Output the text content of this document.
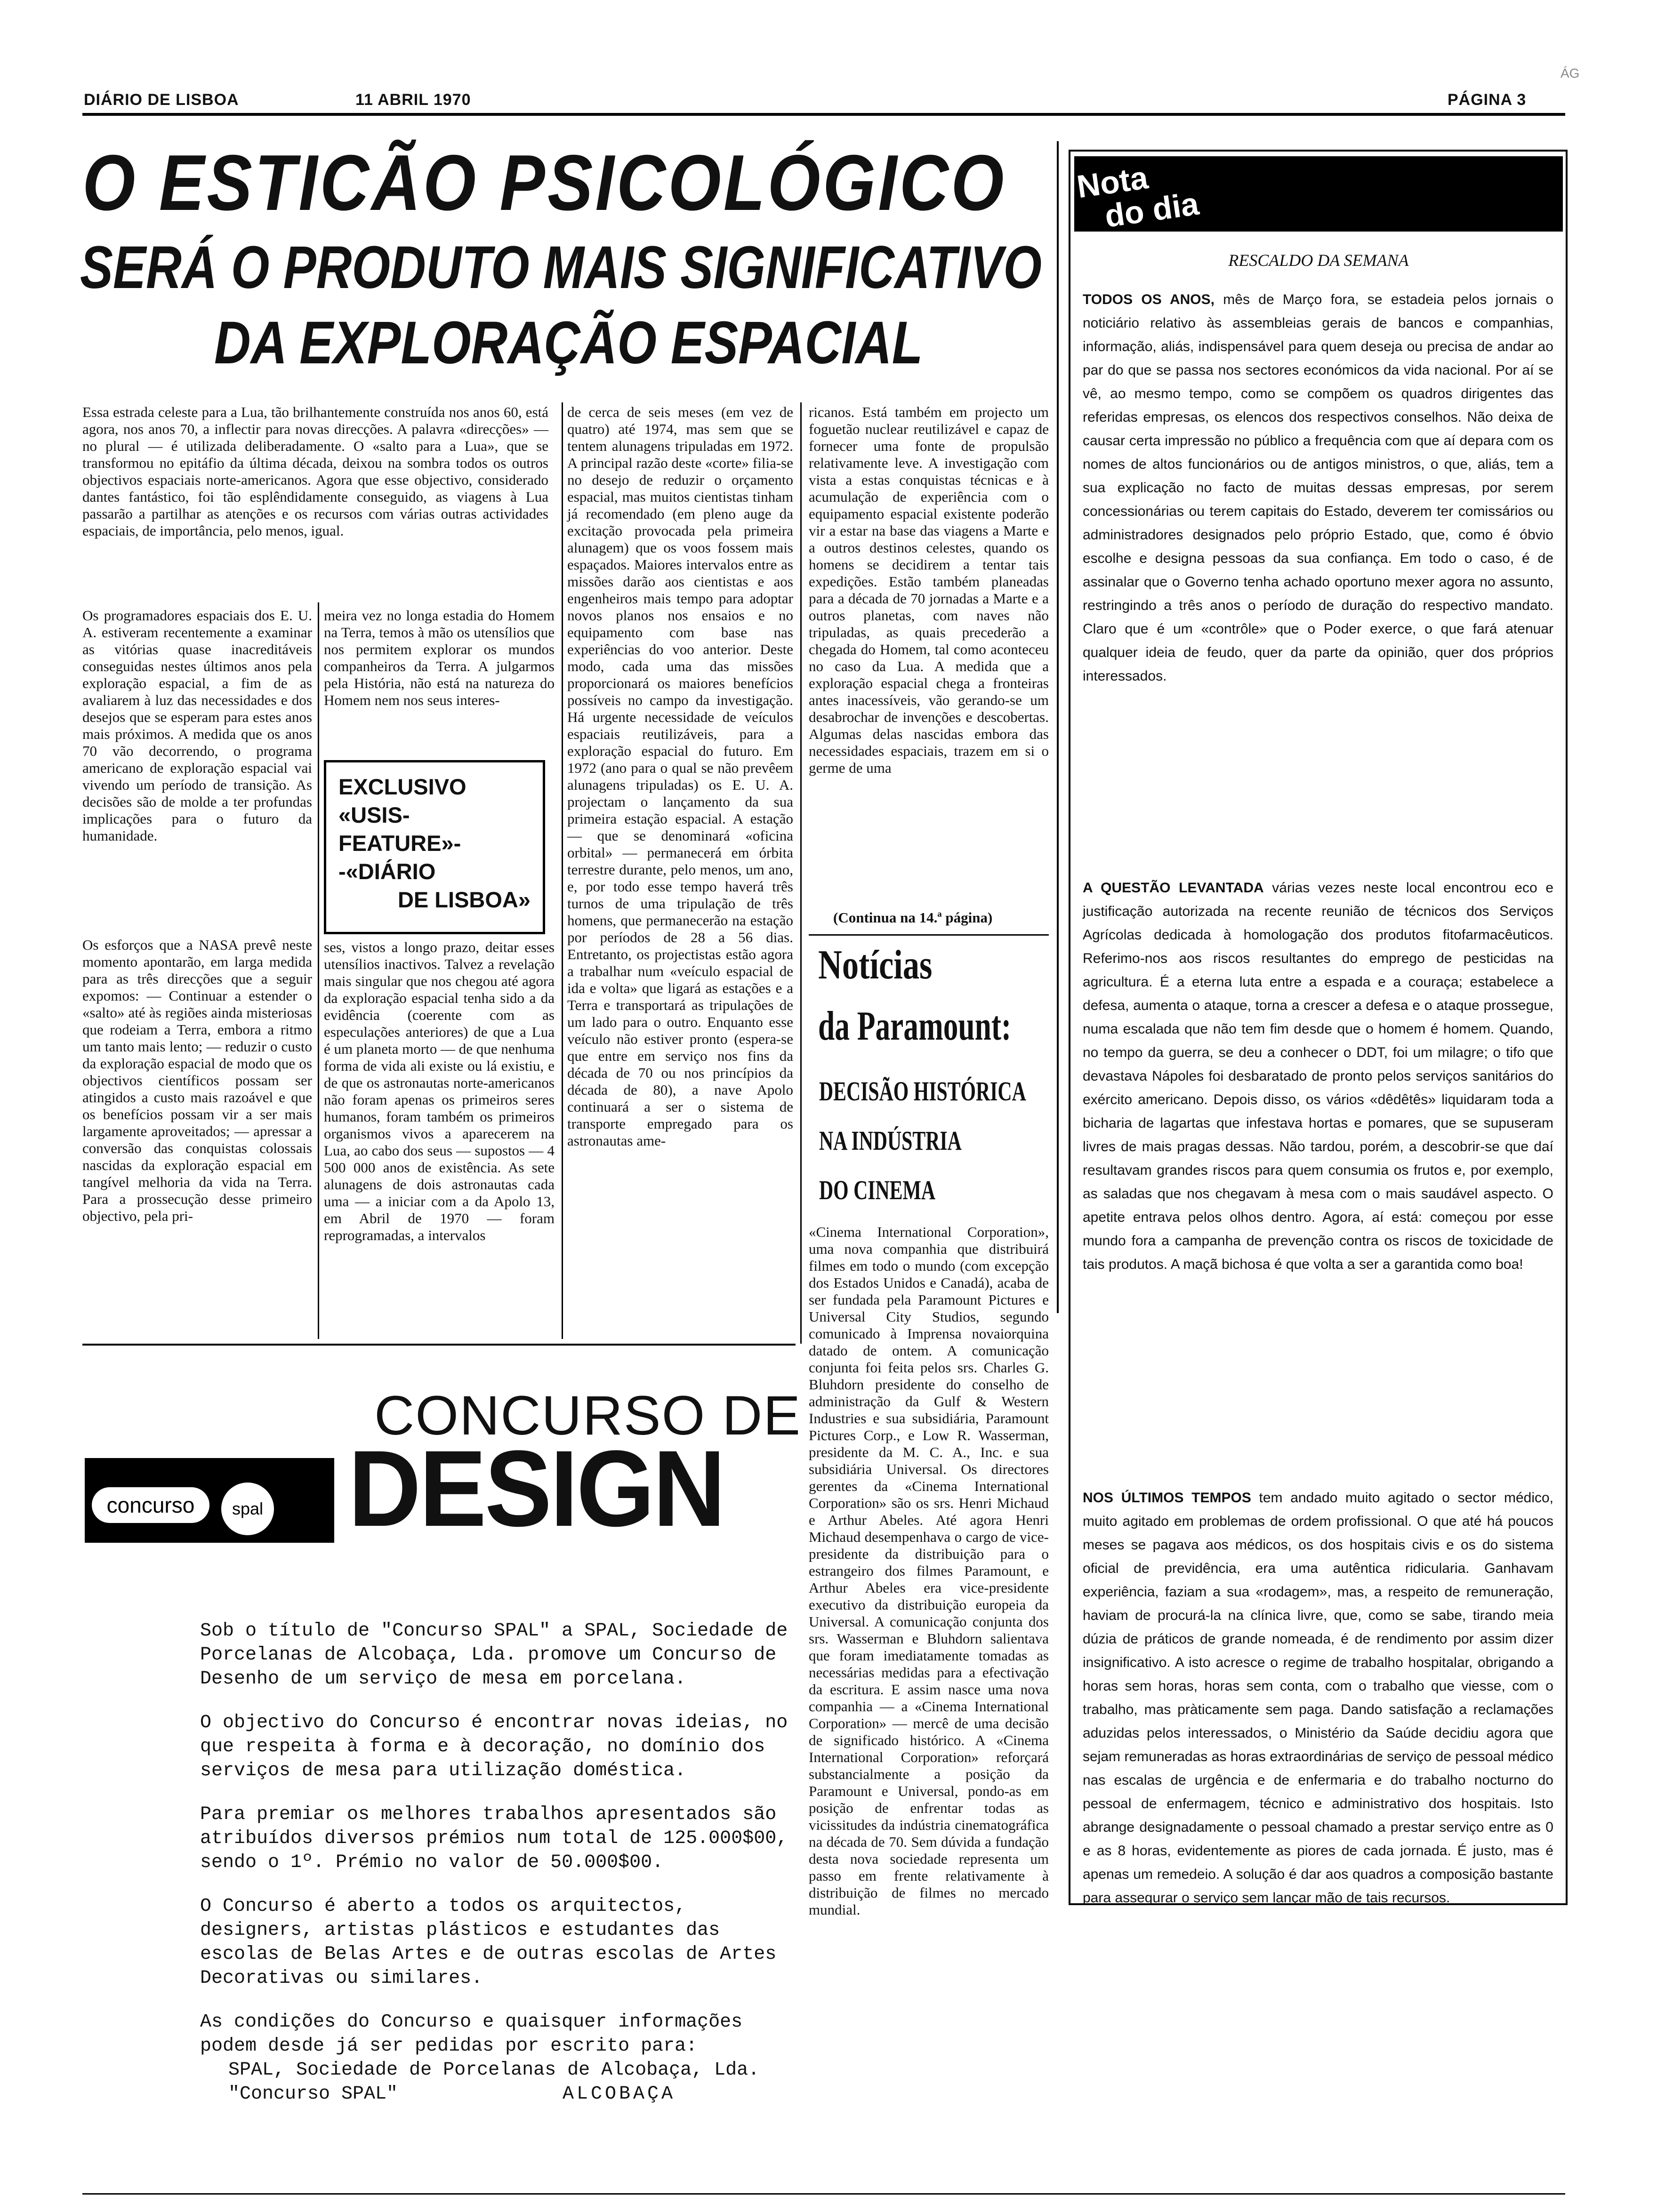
DIÁRIO DE LISBOA	11 ABRIL 1970	PÁGINA 3
ÁG
O ESTICÃO PSICOLÓGICO
SERÁ O PRODUTO MAIS SIGNIFICATIVO
DA EXPLORAÇÃO ESPACIAL
Essa estrada celeste para a Lua, tão brilhantemente construída nos anos 60, está agora, nos anos 70, a inflectir para novas direcções. A palavra «direcções» — no plural — é utilizada deliberadamente. O «salto para a Lua», que se transformou no epitáfio da última década, deixou na sombra todos os outros objectivos espaciais norte-americanos. Agora que esse objectivo, considerado dantes fantástico, foi tão esplêndidamente conseguido, as viagens à Lua passarão a partilhar as atenções e os recursos com várias outras actividades espaciais, de importância, pelo menos, igual.
Os programadores espaciais dos E. U. A. estiveram recentemente a examinar as vitórias quase inacreditáveis conseguidas nestes últimos anos pela exploração espacial, a fim de as avaliarem à luz das necessidades e dos desejos que se esperam para estes anos mais próximos. A medida que os anos 70 vão decorrendo, o programa americano de exploração espacial vai vivendo um período de transição. As decisões são de molde a ter profundas implicações para o futuro da humanidade.
Os esforços que a NASA prevê neste momento apontarão, em larga medida para as três direcções que a seguir expomos: — Continuar a estender o «salto» até às regiões ainda misteriosas que rodeiam a Terra, embora a ritmo um tanto mais lento; — reduzir o custo da exploração espacial de modo que os objectivos científicos possam ser atingidos a custo mais razoável e que os benefícios possam vir a ser mais largamente aproveitados; — apressar a conversão das conquistas colossais nascidas da exploração espacial em tangível melhoria da vida na Terra. Para a prossecução desse primeiro objectivo, pela pri-
meira vez no longa estadia do Homem na Terra, temos à mão os utensílios que nos permitem explorar os mundos companheiros da Terra. A julgarmos pela História, não está na natureza do Homem nem nos seus interes-
EXCLUSIVO
«USIS-FEATURE»-
-«DIÁRIO
DE LISBOA»
ses, vistos a longo prazo, deitar esses utensílios inactivos. Talvez a revelação mais singular que nos chegou até agora da exploração espacial tenha sido a da evidência (coerente com as especulações anteriores) de que a Lua é um planeta morto — de que nenhuma forma de vida ali existe ou lá existiu, e de que os astronautas norte-americanos não foram apenas os primeiros seres humanos, foram também os primeiros organismos vivos a aparecerem na Lua, ao cabo dos seus — supostos — 4 500 000 anos de existência. As sete alunagens de dois astronautas cada uma — a iniciar com a da Apolo 13, em Abril de 1970 — foram reprogramadas, a intervalos
de cerca de seis meses (em vez de quatro) até 1974, mas sem que se tentem alunagens tripuladas em 1972. A principal razão deste «corte» filia-se no desejo de reduzir o orçamento espacial, mas muitos cientistas tinham já recomendado (em pleno auge da excitação provocada pela primeira alunagem) que os voos fossem mais espaçados. Maiores intervalos entre as missões darão aos cientistas e aos engenheiros mais tempo para adoptar novos planos nos ensaios e no equipamento com base nas experiências do voo anterior. Deste modo, cada uma das missões proporcionará os maiores benefícios possíveis no campo da investigação. Há urgente necessidade de veículos espaciais reutilizáveis, para a exploração espacial do futuro. Em 1972 (ano para o qual se não prevêem alunagens tripuladas) os E. U. A. projectam o lançamento da sua primeira estação espacial. A estação — que se denominará «oficina orbital» — permanecerá em órbita terrestre durante, pelo menos, um ano, e, por todo esse tempo haverá três turnos de uma tripulação de três homens, que permanecerão na estação por períodos de 28 a 56 dias. Entretanto, os projectistas estão agora a trabalhar num «veículo espacial de ida e volta» que ligará as estações e a Terra e transportará as tripulações de um lado para o outro. Enquanto esse veículo não estiver pronto (espera-se que entre em serviço nos fins da década de 70 ou nos princípios da década de 80), a nave Apolo continuará a ser o sistema de transporte empregado para os astronautas ame-
ricanos. Está também em projecto um foguetão nuclear reutilizável e capaz de fornecer uma fonte de propulsão relativamente leve. A investigação com vista a estas conquistas técnicas e à acumulação de experiência com o equipamento espacial existente poderão vir a estar na base das viagens a Marte e a outros destinos celestes, quando os homens se decidirem a tentar tais expedições. Estão também planeadas para a década de 70 jornadas a Marte e a outros planetas, com naves não tripuladas, as quais precederão a chegada do Homem, tal como aconteceu no caso da Lua. A medida que a exploração espacial chega a fronteiras antes inacessíveis, vão gerando-se um desabrochar de invenções e descobertas. Algumas delas nascidas embora das necessidades espaciais, trazem em si o germe de uma
(Continua na 14.ª página)
Notícias
da Paramount:
DECISÃO HISTÓRICA
NA INDÚSTRIA
DO CINEMA
«Cinema International Corporation», uma nova companhia que distribuirá filmes em todo o mundo (com excepção dos Estados Unidos e Canadá), acaba de ser fundada pela Paramount Pictures e Universal City Studios, segundo comunicado à Imprensa novaiorquina datado de ontem. A comunicação conjunta foi feita pelos srs. Charles G. Bluhdorn presidente do conselho de administração da Gulf & Western Industries e sua subsidiária, Paramount Pictures Corp., e Low R. Wasserman, presidente da M. C. A., Inc. e sua subsidiária Universal. Os directores gerentes da «Cinema International Corporation» são os srs. Henri Michaud e Arthur Abeles. Até agora Henri Michaud desempenhava o cargo de vice-presidente da distribuição para o estrangeiro dos filmes Paramount, e Arthur Abeles era vice-presidente executivo da distribuição europeia da Universal. A comunicação conjunta dos srs. Wasserman e Bluhdorn salientava que foram imediatamente tomadas as necessárias medidas para a efectivação da escritura. E assim nasce uma nova companhia — a «Cinema International Corporation» — mercê de uma decisão de significado histórico. A «Cinema International Corporation» reforçará substancialmente a posição da Paramount e Universal, pondo-as em posição de enfrentar todas as vicissitudes da indústria cinematográfica na década de 70. Sem dúvida a fundação desta nova sociedade representa um passo em frente relativamente à distribuição de filmes no mercado mundial.
Nota
do dia
RESCALDO DA SEMANA
TODOS OS ANOS, mês de Março fora, se estadeia pelos jornais o noticiário relativo às assembleias gerais de bancos e companhias, informação, aliás, indispensável para quem deseja ou precisa de andar ao par do que se passa nos sectores económicos da vida nacional. Por aí se vê, ao mesmo tempo, como se compõem os quadros dirigentes das referidas empresas, os elencos dos respectivos conselhos. Não deixa de causar certa impressão no público a frequência com que aí depara com os nomes de altos funcionários ou de antigos ministros, o que, aliás, tem a sua explicação no facto de muitas dessas empresas, por serem concessionárias ou terem capitais do Estado, deverem ter comissários ou administradores designados pelo próprio Estado, que, como é óbvio escolhe e designa pessoas da sua confiança. Em todo o caso, é de assinalar que o Governo tenha achado oportuno mexer agora no assunto, restringindo a três anos o período de duração do respectivo mandato. Claro que é um «contrôle» que o Poder exerce, o que fará atenuar qualquer ideia de feudo, quer da parte da opinião, quer dos próprios interessados.
A QUESTÃO LEVANTADA várias vezes neste local encontrou eco e justificação autorizada na recente reunião de técnicos dos Serviços Agrícolas dedicada à homologação dos produtos fitofarmacêuticos. Referimo-nos aos riscos resultantes do emprego de pesticidas na agricultura. É a eterna luta entre a espada e a couraça; estabelece a defesa, aumenta o ataque, torna a crescer a defesa e o ataque prossegue, numa escalada que não tem fim desde que o homem é homem. Quando, no tempo da guerra, se deu a conhecer o DDT, foi um milagre; o tifo que devastava Nápoles foi desbaratado de pronto pelos serviços sanitários do exército americano. Depois disso, os vários «dêdêtês» liquidaram toda a bicharia de lagartas que infestava hortas e pomares, que se supuseram livres de mais pragas dessas. Não tardou, porém, a descobrir-se que daí resultavam grandes riscos para quem consumia os frutos e, por exemplo, as saladas que nos chegavam à mesa com o mais saudável aspecto. O apetite entrava pelos olhos dentro. Agora, aí está: começou por esse mundo fora a campanha de prevenção contra os riscos de toxicidade de tais produtos. A maçã bichosa é que volta a ser a garantida como boa!
NOS ÚLTIMOS TEMPOS tem andado muito agitado o sector médico, muito agitado em problemas de ordem profissional. O que até há poucos meses se pagava aos médicos, os dos hospitais civis e os do sistema oficial de previdência, era uma autêntica ridicularia. Ganhavam experiência, faziam a sua «rodagem», mas, a respeito de remuneração, haviam de procurá-la na clínica livre, que, como se sabe, tirando meia dúzia de práticos de grande nomeada, é de rendimento por assim dizer insignificativo. A isto acresce o regime de trabalho hospitalar, obrigando a horas sem horas, horas sem conta, com o trabalho que viesse, com o trabalho, mas pràticamente sem paga. Dando satisfação a reclamações aduzidas pelos interessados, o Ministério da Saúde decidiu agora que sejam remuneradas as horas extraordinárias de serviço de pessoal médico nas escalas de urgência e de enfermaria e do trabalho nocturno do pessoal de enfermagem, técnico e administrativo dos hospitais. Isto abrange designadamente o pessoal chamado a prestar serviço entre as 0 e as 8 horas, evidentemente as piores de cada jornada. É justo, mas é apenas um remedeio. A solução é dar aos quadros a composição bastante para assegurar o serviço sem lançar mão de tais recursos.
CONCURSO DE
concurso	spal DESIGN

Sob o título de "Concurso SPAL" a SPAL, Sociedade de Porcelanas de Alcobaça, Lda. promove um Concurso de Desenho de um serviço de mesa em porcelana.

O objectivo do Concurso é encontrar novas ideias, no que respeita à forma e à decoração, no domínio dos serviços de mesa para utilização doméstica.

Para premiar os melhores trabalhos apresentados são atribuídos diversos prémios num total de 125.000$00, sendo o 1º. Prémio no valor de 50.000$00.

O Concurso é aberto a todos os arquitectos, designers, artistas plásticos e estudantes das escolas de Belas Artes e de outras escolas de Artes Decorativas ou similares.

As condições do Concurso e quaisquer informações podem desde já ser pedidas por escrito para:

SPAL, Sociedade de Porcelanas de Alcobaça, Lda.
"Concurso SPAL"	ALCOBAÇA
